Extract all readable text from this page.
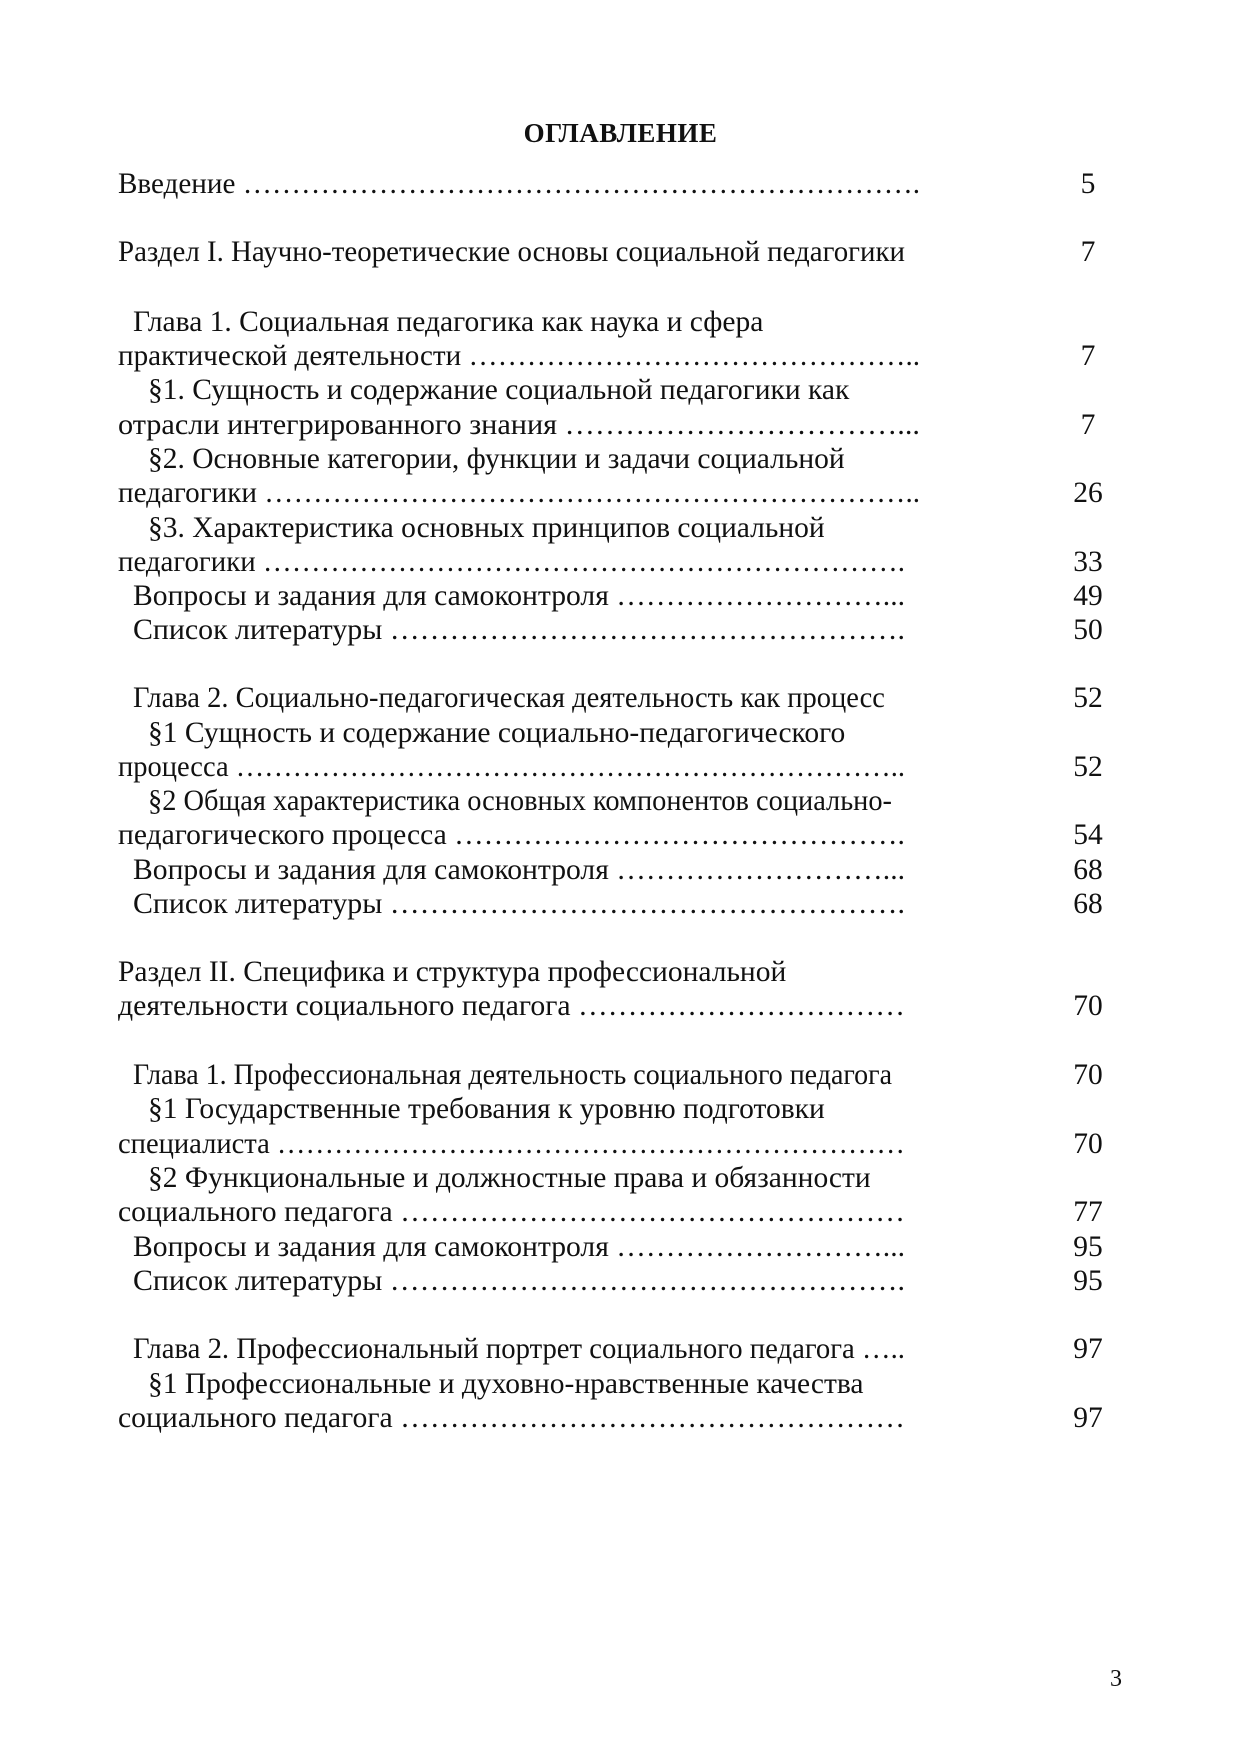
ОГЛАВЛЕНИЕ
Введение …………………………………………………………….	5
Раздел I. Научно-теоретические основы социальной педагогики	7
Глава 1. Социальная педагогика как наука и сфера
практической деятельности ………………………………………..	7
§1. Сущность и содержание социальной педагогики как
отрасли интегрированного знания ……………………………...	7
§2. Основные категории, функции и задачи социальной
педагогики …………………………………………………………..	26
§3. Характеристика основных принципов социальной
педагогики ………………………………………………………….	33
Вопросы и задания для самоконтроля ………………………...	49
Список литературы …………………………………………….	50
Глава 2. Социально-педагогическая деятельность как процесс	52
§1 Сущность и содержание социально-педагогического
процесса ……………………………………………………………..	52
§2 Общая характеристика основных компонентов социально-
педагогического процесса ……………………………………….	54
Вопросы и задания для самоконтроля ………………………...	68
Список литературы …………………………………………….	68
Раздел II. Специфика и структура профессиональной
деятельности социального педагога ……………………………	70
Глава 1. Профессиональная деятельность социального педагога	70
§1 Государственные требования к уровню подготовки
специалиста …………………………………………………………	70
§2 Функциональные и должностные права и обязанности
социального педагога ……………………………………………	77
Вопросы и задания для самоконтроля ………………………...	95
Список литературы …………………………………………….	95
Глава 2. Профессиональный портрет социального педагога …..	97
§1 Профессиональные и духовно-нравственные качества
социального педагога ……………………………………………	97
3
